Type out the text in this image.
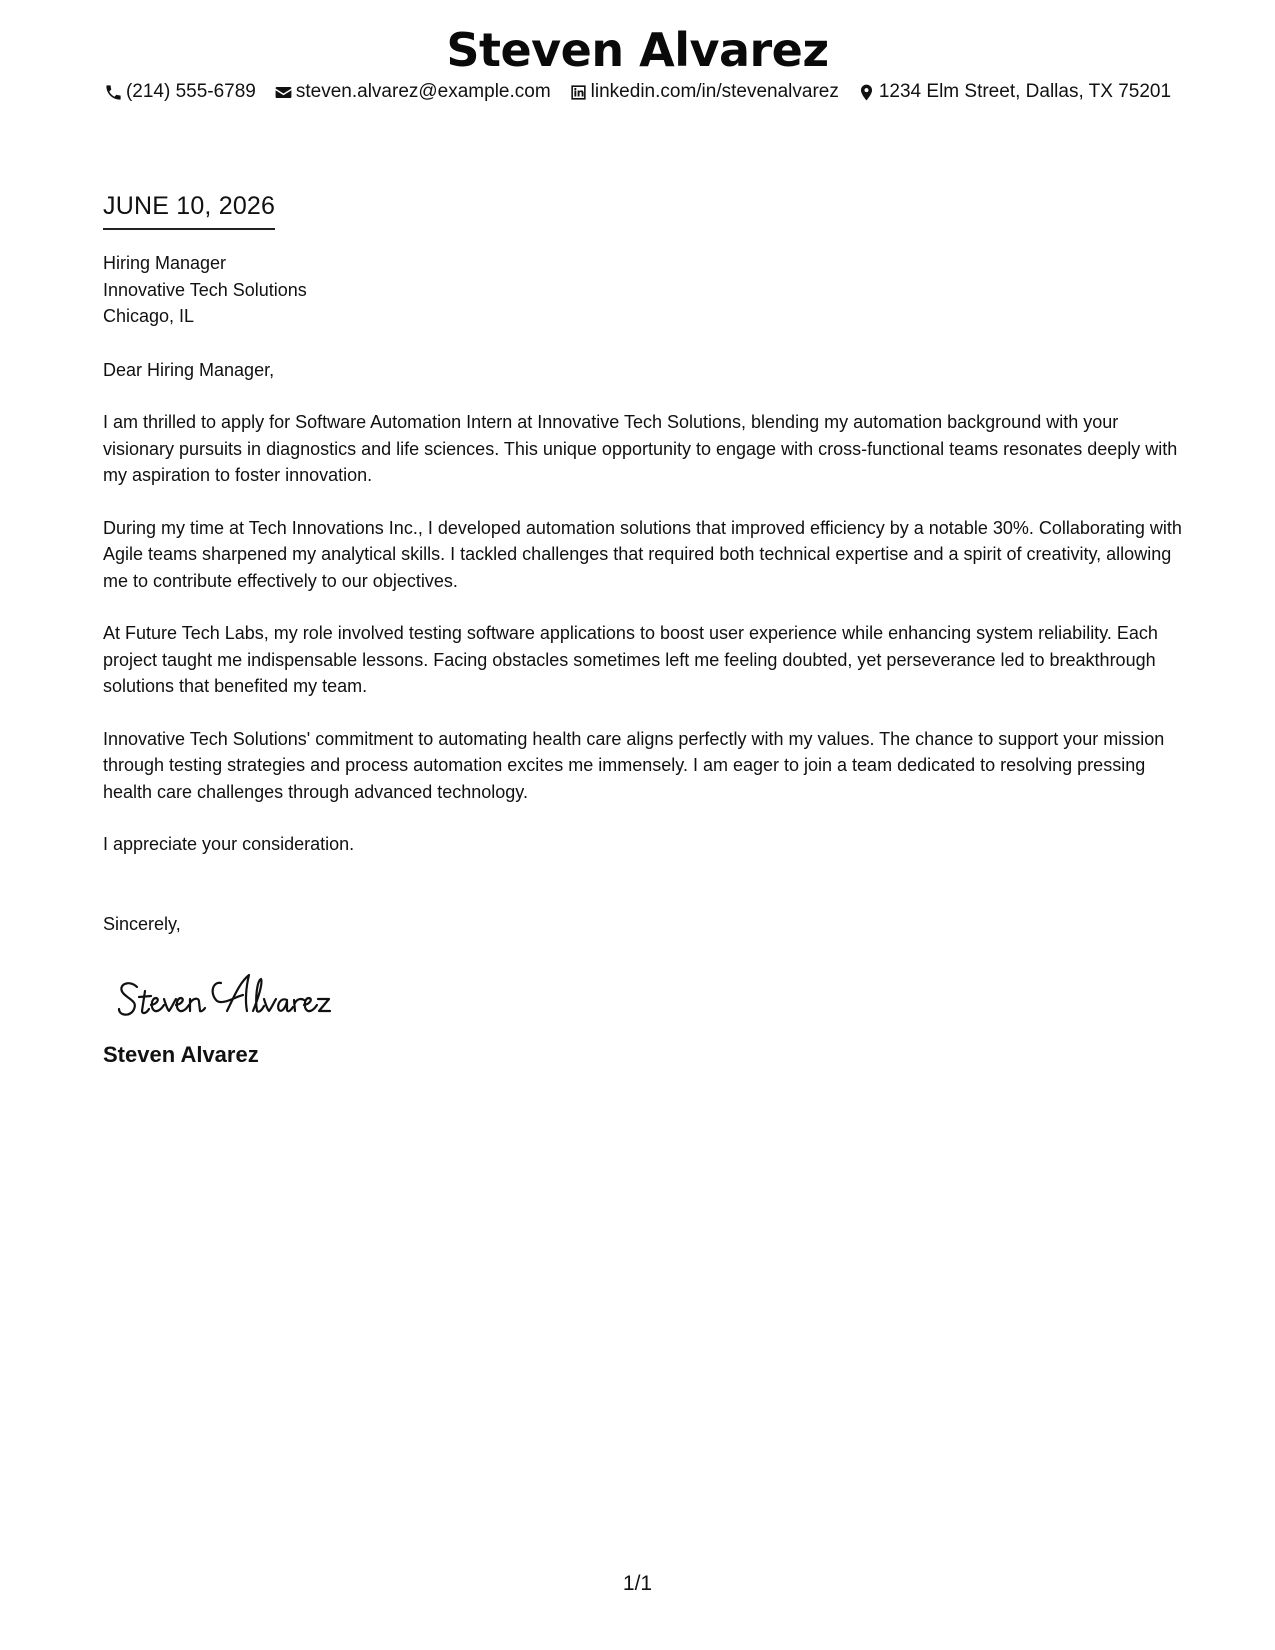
Steven Alvarez
(214) 555-6789 steven.alvarez@example.com linkedin.com/in/stevenalvarez 1234 Elm Street, Dallas, TX 75201
JUNE 10, 2026
Hiring Manager
Innovative Tech Solutions
Chicago, IL
Dear Hiring Manager,

I am thrilled to apply for Software Automation Intern at Innovative Tech Solutions, blending my automation background with your visionary pursuits in diagnostics and life sciences. This unique opportunity to engage with cross-functional teams resonates deeply with my aspiration to foster innovation.

During my time at Tech Innovations Inc., I developed automation solutions that improved efficiency by a notable 30%. Collaborating with Agile teams sharpened my analytical skills. I tackled challenges that required both technical expertise and a spirit of creativity, allowing me to contribute effectively to our objectives.

At Future Tech Labs, my role involved testing software applications to boost user experience while enhancing system reliability. Each project taught me indispensable lessons. Facing obstacles sometimes left me feeling doubted, yet perseverance led to breakthrough solutions that benefited my team.

Innovative Tech Solutions' commitment to automating health care aligns perfectly with my values. The chance to support your mission through testing strategies and process automation excites me immensely. I am eager to join a team dedicated to resolving pressing health care challenges through advanced technology.

I appreciate your consideration.

Sincerely,
Steven Alvarez
1/1
